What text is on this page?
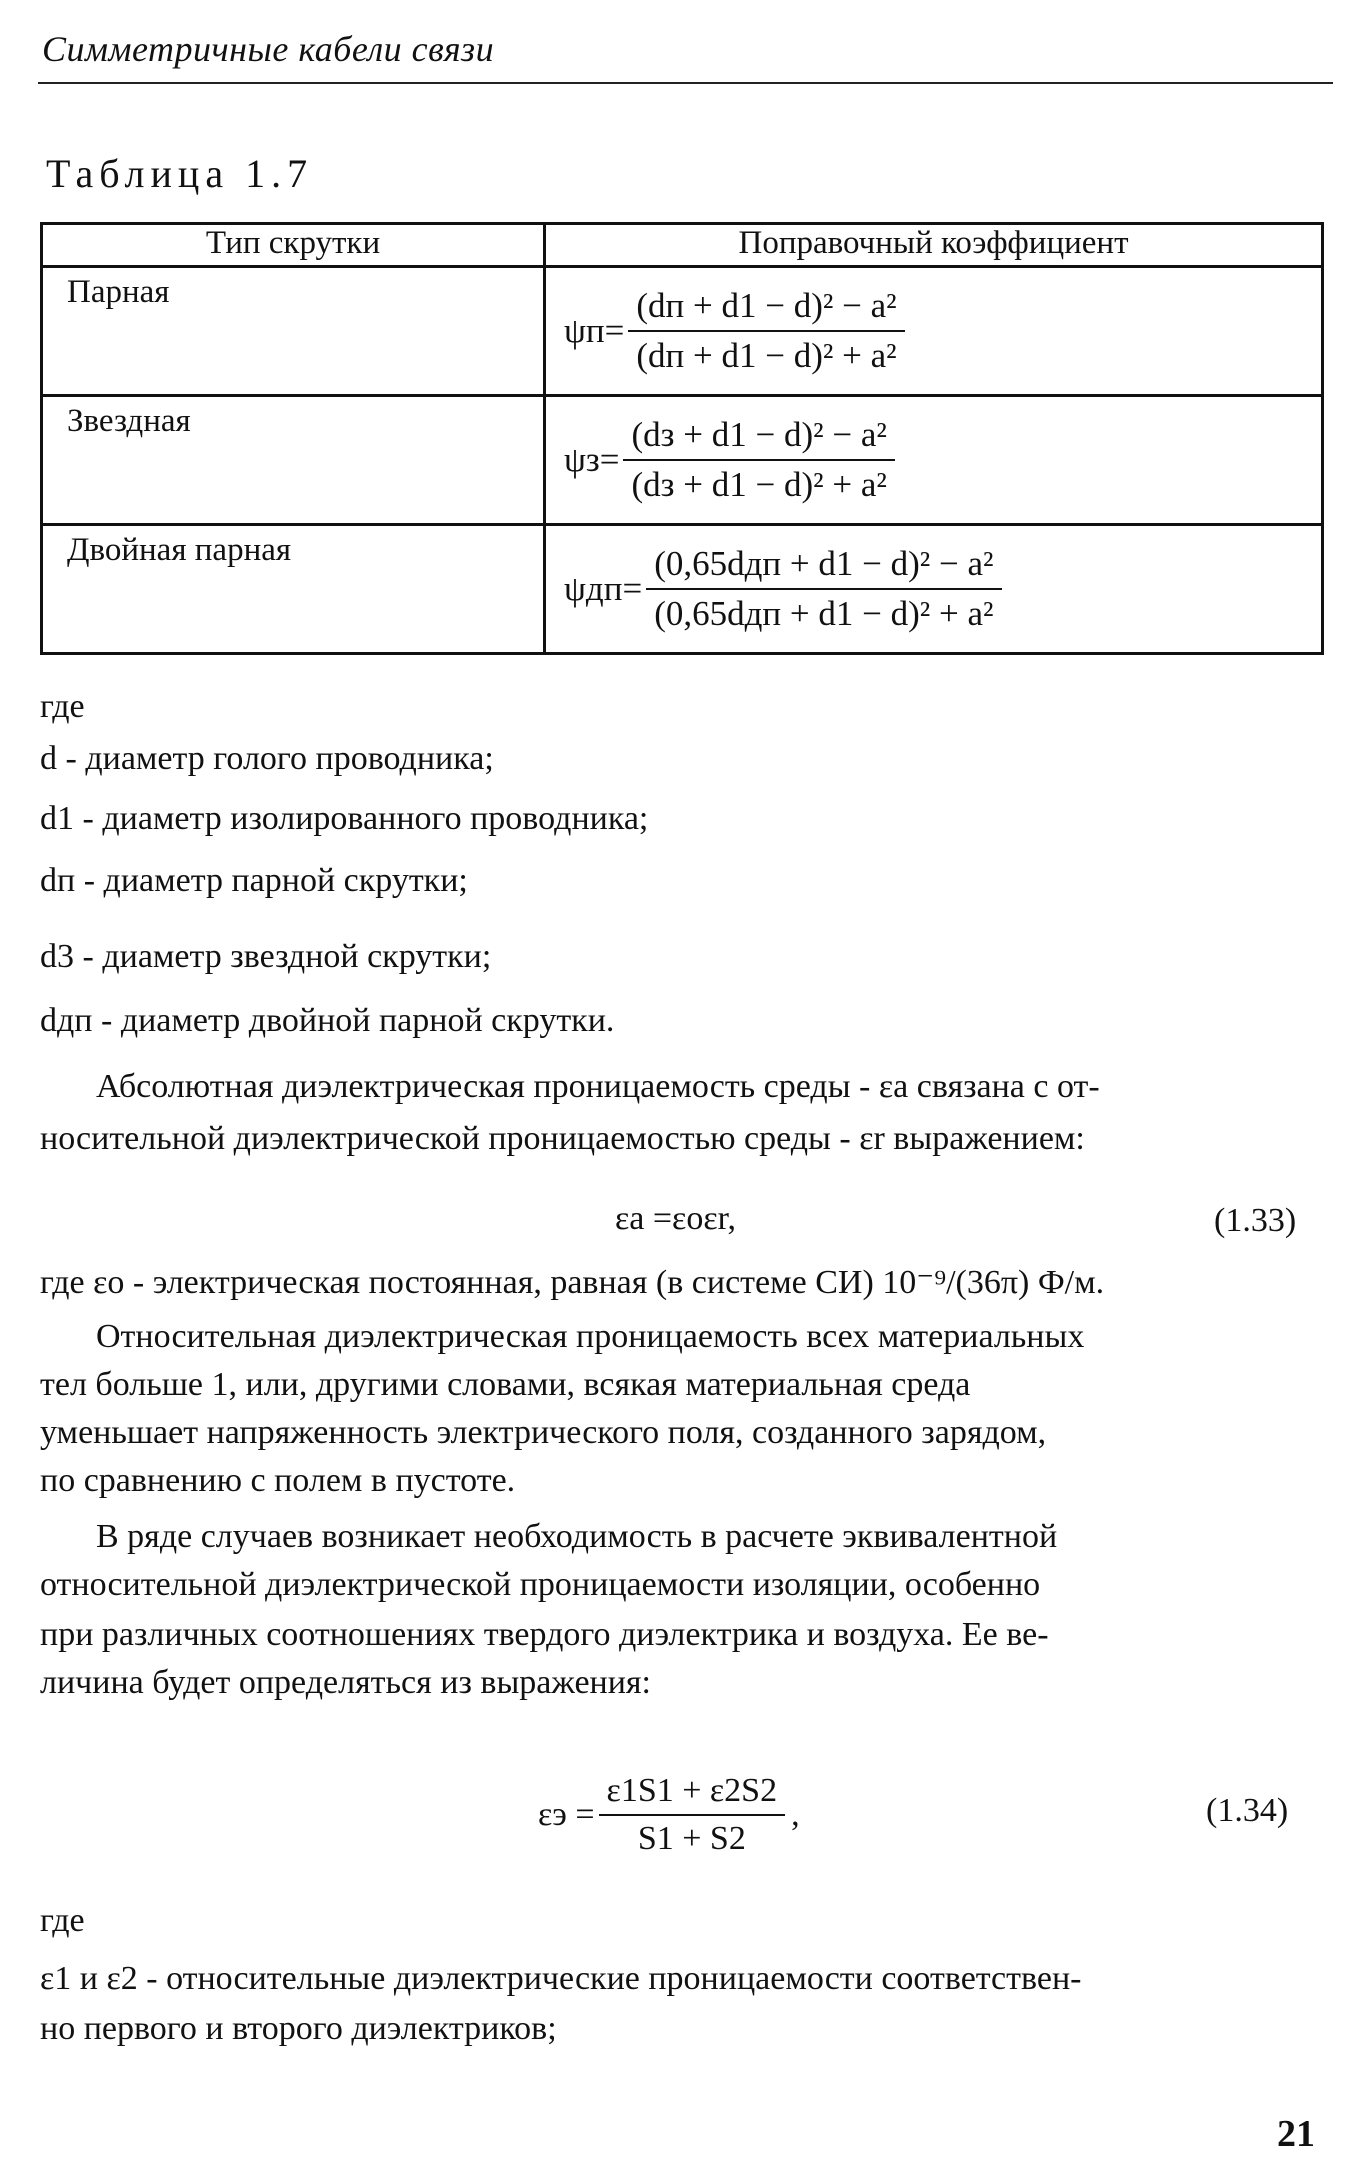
Симметричные кабели связи
Таблица 1.7
Тип скрутки	Поправочный коэффициент
Парная	$\psi п= \frac{\text{(dп + d1 − d)² − a²}}{\text{(dп + d1 − d)² + a²}}$

Звездная	$\psi з= \frac{\text{(dз + d1 − d)² − a²}}{\text{(dз + d1 − d)² + a²}}$

Двойная парная	$\psi дп= \frac{\text{(0,65dдп + d1 − d)² − a²}}{\text{(0,65dдп + d1 − d)² + a²}}$
где
d - диаметр голого проводника;
d1 - диаметр изолированного проводника;
dп - диаметр парной скрутки;
d3 - диаметр звездной скрутки;
dдп - диаметр двойной парной скрутки.
Абсолютная диэлектрическая проницаемость среды - εa связана с от-
носительной диэлектрической проницаемостью среды - εr выражением:
εa =εoεr,	(1.33)
где εo - электрическая постоянная, равная (в системе СИ) 10⁻⁹/(36π) Ф/м.
Относительная диэлектрическая проницаемость всех материальных
тел больше 1, или, другими словами, всякая материальная среда
уменьшает напряженность электрического поля, созданного зарядом,
по сравнению с полем в пустоте.
В ряде случаев возникает необходимость в расчете эквивалентной
относительной диэлектрической проницаемости изоляции, особенно
при различных соотношениях твердого диэлектрика и воздуха. Ее ве-
личина будет определяться из выражения:
$\varepsilon э = \frac{\varepsilon 1S1 + \varepsilon 2S2}{S1 + S2}$ ,	(1.34)
где
ε1 и ε2 - относительные диэлектрические проницаемости соответствен-
но первого и второго диэлектриков;
21
